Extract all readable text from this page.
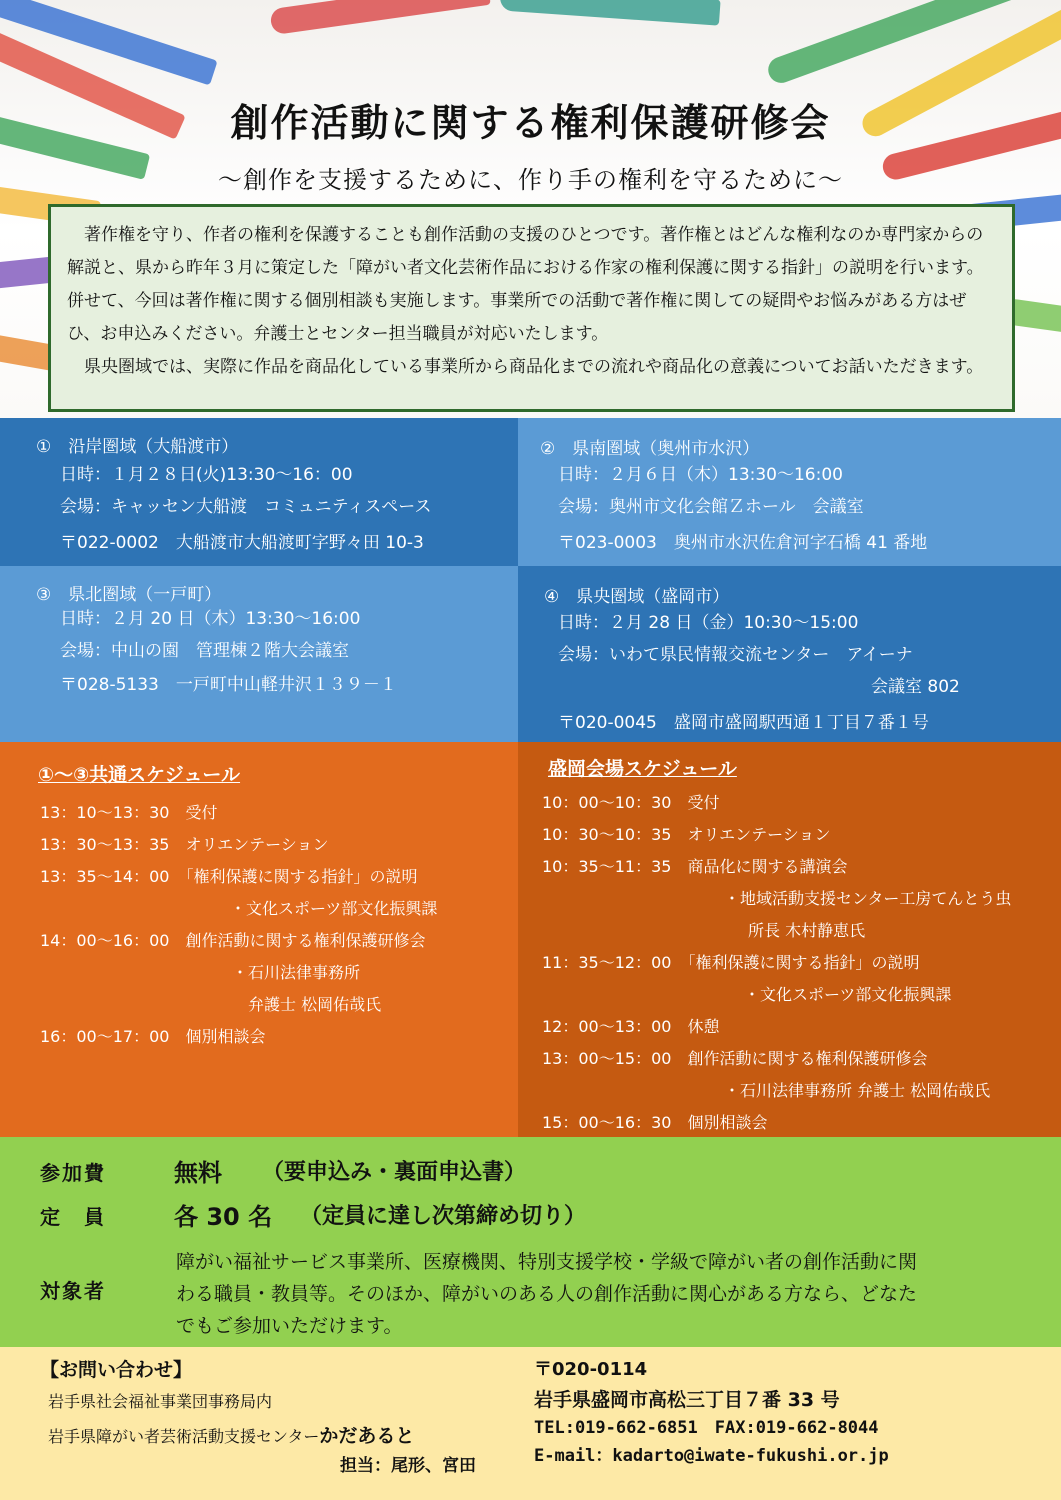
創作活動に関する権利保護研修会
～創作を支援するために、作り手の権利を守るために～

著作権を守り、作者の権利を保護することも創作活動の支援のひとつです。著作権とはどんな権利なのか専門家からの解説と、県から昨年３月に策定した「障がい者文化芸術作品における作家の権利保護に関する指針」の説明を行います。併せて、今回は著作権に関する個別相談も実施します。事業所での活動で著作権に関しての疑問やお悩みがある方はぜひ、お申込みください。弁護士とセンター担当職員が対応いたします。

県央圏域では、実際に作品を商品化している事業所から商品化までの流れや商品化の意義についてお話いただきます。

①　沿岸圏域（大船渡市）
日時：１月２８日(火)13:30～16：00
会場：キャッセン大船渡　コミュニティスペース
〒022-0002　大船渡市大船渡町字野々田 10-3
②　県南圏域（奥州市水沢）
日時：２月６日（木）13:30～16:00
会場：奥州市文化会館Ｚホール　会議室
〒023-0003　奥州市水沢佐倉河字石橋 41 番地
③　県北圏域（一戸町）
日時：２月 20 日（木）13:30～16:00
会場：中山の園　管理棟２階大会議室
〒028-5133　一戸町中山軽井沢１３９－１
④　県央圏域（盛岡市）
日時：２月 28 日（金）10:30～15:00
会場：いわて県民情報交流センター　アイーナ
会議室 802
〒020-0045　盛岡市盛岡駅西通１丁目７番１号
①～③共通スケジュール
13：10～13：30　受付
13：30～13：35　オリエンテーション
13：35～14：00　「権利保護に関する指針」の説明
・文化スポーツ部文化振興課
14：00～16：00　創作活動に関する権利保護研修会
・石川法律事務所
弁護士 松岡佑哉氏
16：00～17：00　個別相談会
盛岡会場スケジュール
10：00～10：30　受付
10：30～10：35　オリエンテーション
10：35～11：35　商品化に関する講演会
・地域活動支援センター工房てんとう虫
所長 木村静恵氏
11：35～12：00　「権利保護に関する指針」の説明
・文化スポーツ部文化振興課
12：00～13：00　休憩
13：00～15：00　創作活動に関する権利保護研修会
・石川法律事務所 弁護士 松岡佑哉氏
15：00～16：30　個別相談会
参加費	無料 （要申込み・裏面申込書）
定　員	各 30 名 （定員に達し次第締め切り）
対象者
障がい福祉サービス事業所、医療機関、特別支援学校・学級で障がい者の創作活動に関
わる職員・教員等。そのほか、障がいのある人の創作活動に関心がある方なら、どなた
でもご参加いただけます。
【お問い合わせ】
岩手県社会福祉事業団事務局内
岩手県障がい者芸術活動支援センターかだあると
担当：尾形、宮田
〒020-0114
岩手県盛岡市高松三丁目７番 33 号
TEL:019-662-6851　FAX:019-662-8044
E-mail：kadarto@iwate-fukushi.or.jp
